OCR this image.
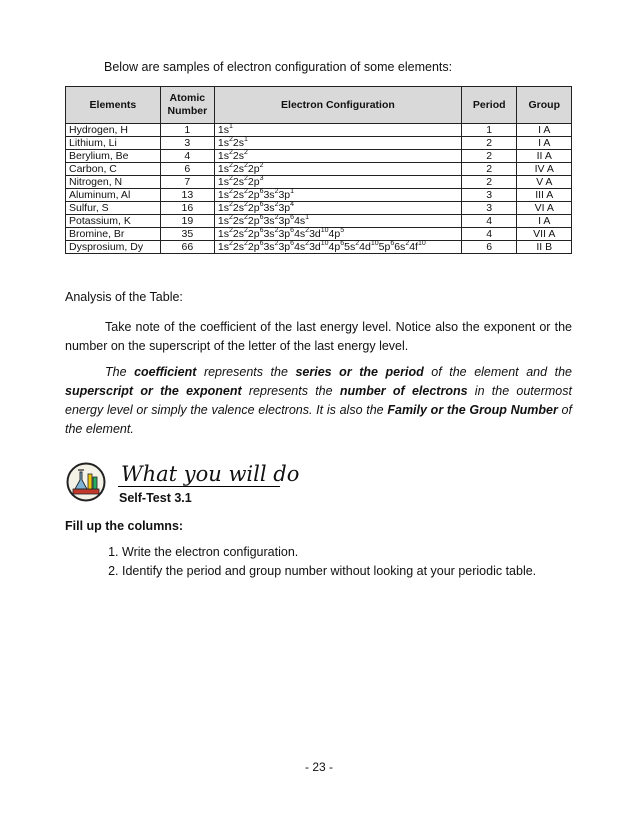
Below are samples of electron configuration of some elements:
Elements	Atomic Number	Electron Configuration	Period	Group
Hydrogen, H	1	$1s^1$	1	I A
Lithium, Li	3	$1s^22s^1$	2	I A
Berylium, Be	4	$1s^22s^2$	2	II A
Carbon, C	6	$1s^22s^22p^2$	2	IV A
Nitrogen, N	7	$1s^22s^22p^3$	2	V A
Aluminum, Al	13	$1s^22s^22p^63s^23p^1$	3	III A
Sulfur, S	16	$1s^22s^22p^63s^23p^4$	3	VI A
Potassium, K	19	$1s^22s^22p^63s^23p^64s^1$	4	I A
Bromine, Br	35	$1s^22s^22p^63s^23p^64s^23d^{10}4p^5$	4	VII A
Dysprosium, Dy	66	$1s^22s^22p^63s^23p^64s^23d^{10}4p^65s^24d^{10}5p^66s^24f^{10}$	6	II B
Analysis of the Table:

Take note of the coefficient of the last energy level. Notice also the exponent or the number on the superscript of the letter of the last energy level.

The coefficient represents the series or the period of the element and the superscript or the exponent represents the number of electrons in the outermost energy level or simply the valence electrons. It is also the Family or the Group Number of the element.

What you will do
Self-Test 3.1
Fill up the columns:
1. Write the electron configuration.
2. Identify the period and group number without looking at your periodic table.
- 23 -
